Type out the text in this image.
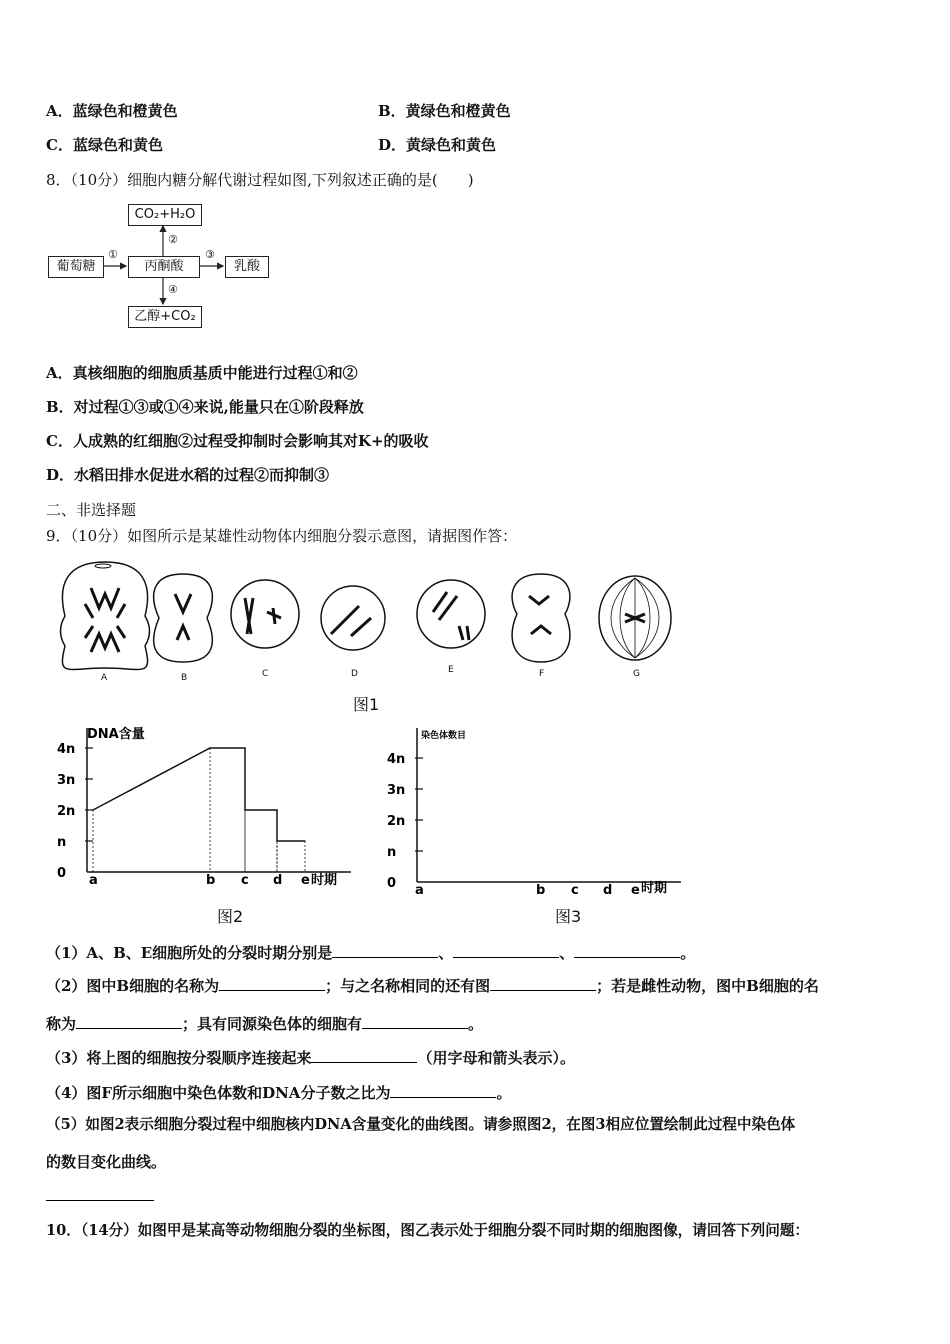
A．蓝绿色和橙黄色	B．黄绿色和橙黄色
C．蓝绿色和黄色	D．黄绿色和黄色
8．（10分）细胞内糖分解代谢过程如图,下列叙述正确的是(　　)
CO₂+H₂O
葡萄糖	丙酮酸	乳酸
乙醇+CO₂
①
②
③
④
A．真核细胞的细胞质基质中能进行过程①和②
B．对过程①③或①④来说,能量只在①阶段释放
C．人成熟的红细胞②过程受抑制时会影响其对K+的吸收
D．水稻田排水促进水稻的过程②而抑制③
二、非选择题
9．（10分）如图所示是某雄性动物体内细胞分裂示意图，请据图作答：
A	B	C	D	E	F	G
图1
DNA含量
4n
3n
2n
n
0 a	b c d e 时期
图2
染色体数目
4n
3n
2n
n
0 a	b c d e 时期
图3
（1）A、B、E细胞所处的分裂时期分别是	、	、	。
（2）图中B细胞的名称为	；与之名称相同的还有图	；若是雌性动物，图中B细胞的名
称为	；具有同源染色体的细胞有	。
（3）将上图的细胞按分裂顺序连接起来	（用字母和箭头表示）。
（4）图F所示细胞中染色体数和DNA分子数之比为	。
（5）如图2表示细胞分裂过程中细胞核内DNA含量变化的曲线图。请参照图2，在图3相应位置绘制此过程中染色体
的数目变化曲线。
10．（14分）如图甲是某高等动物细胞分裂的坐标图，图乙表示处于细胞分裂不同时期的细胞图像，请回答下列问题：
